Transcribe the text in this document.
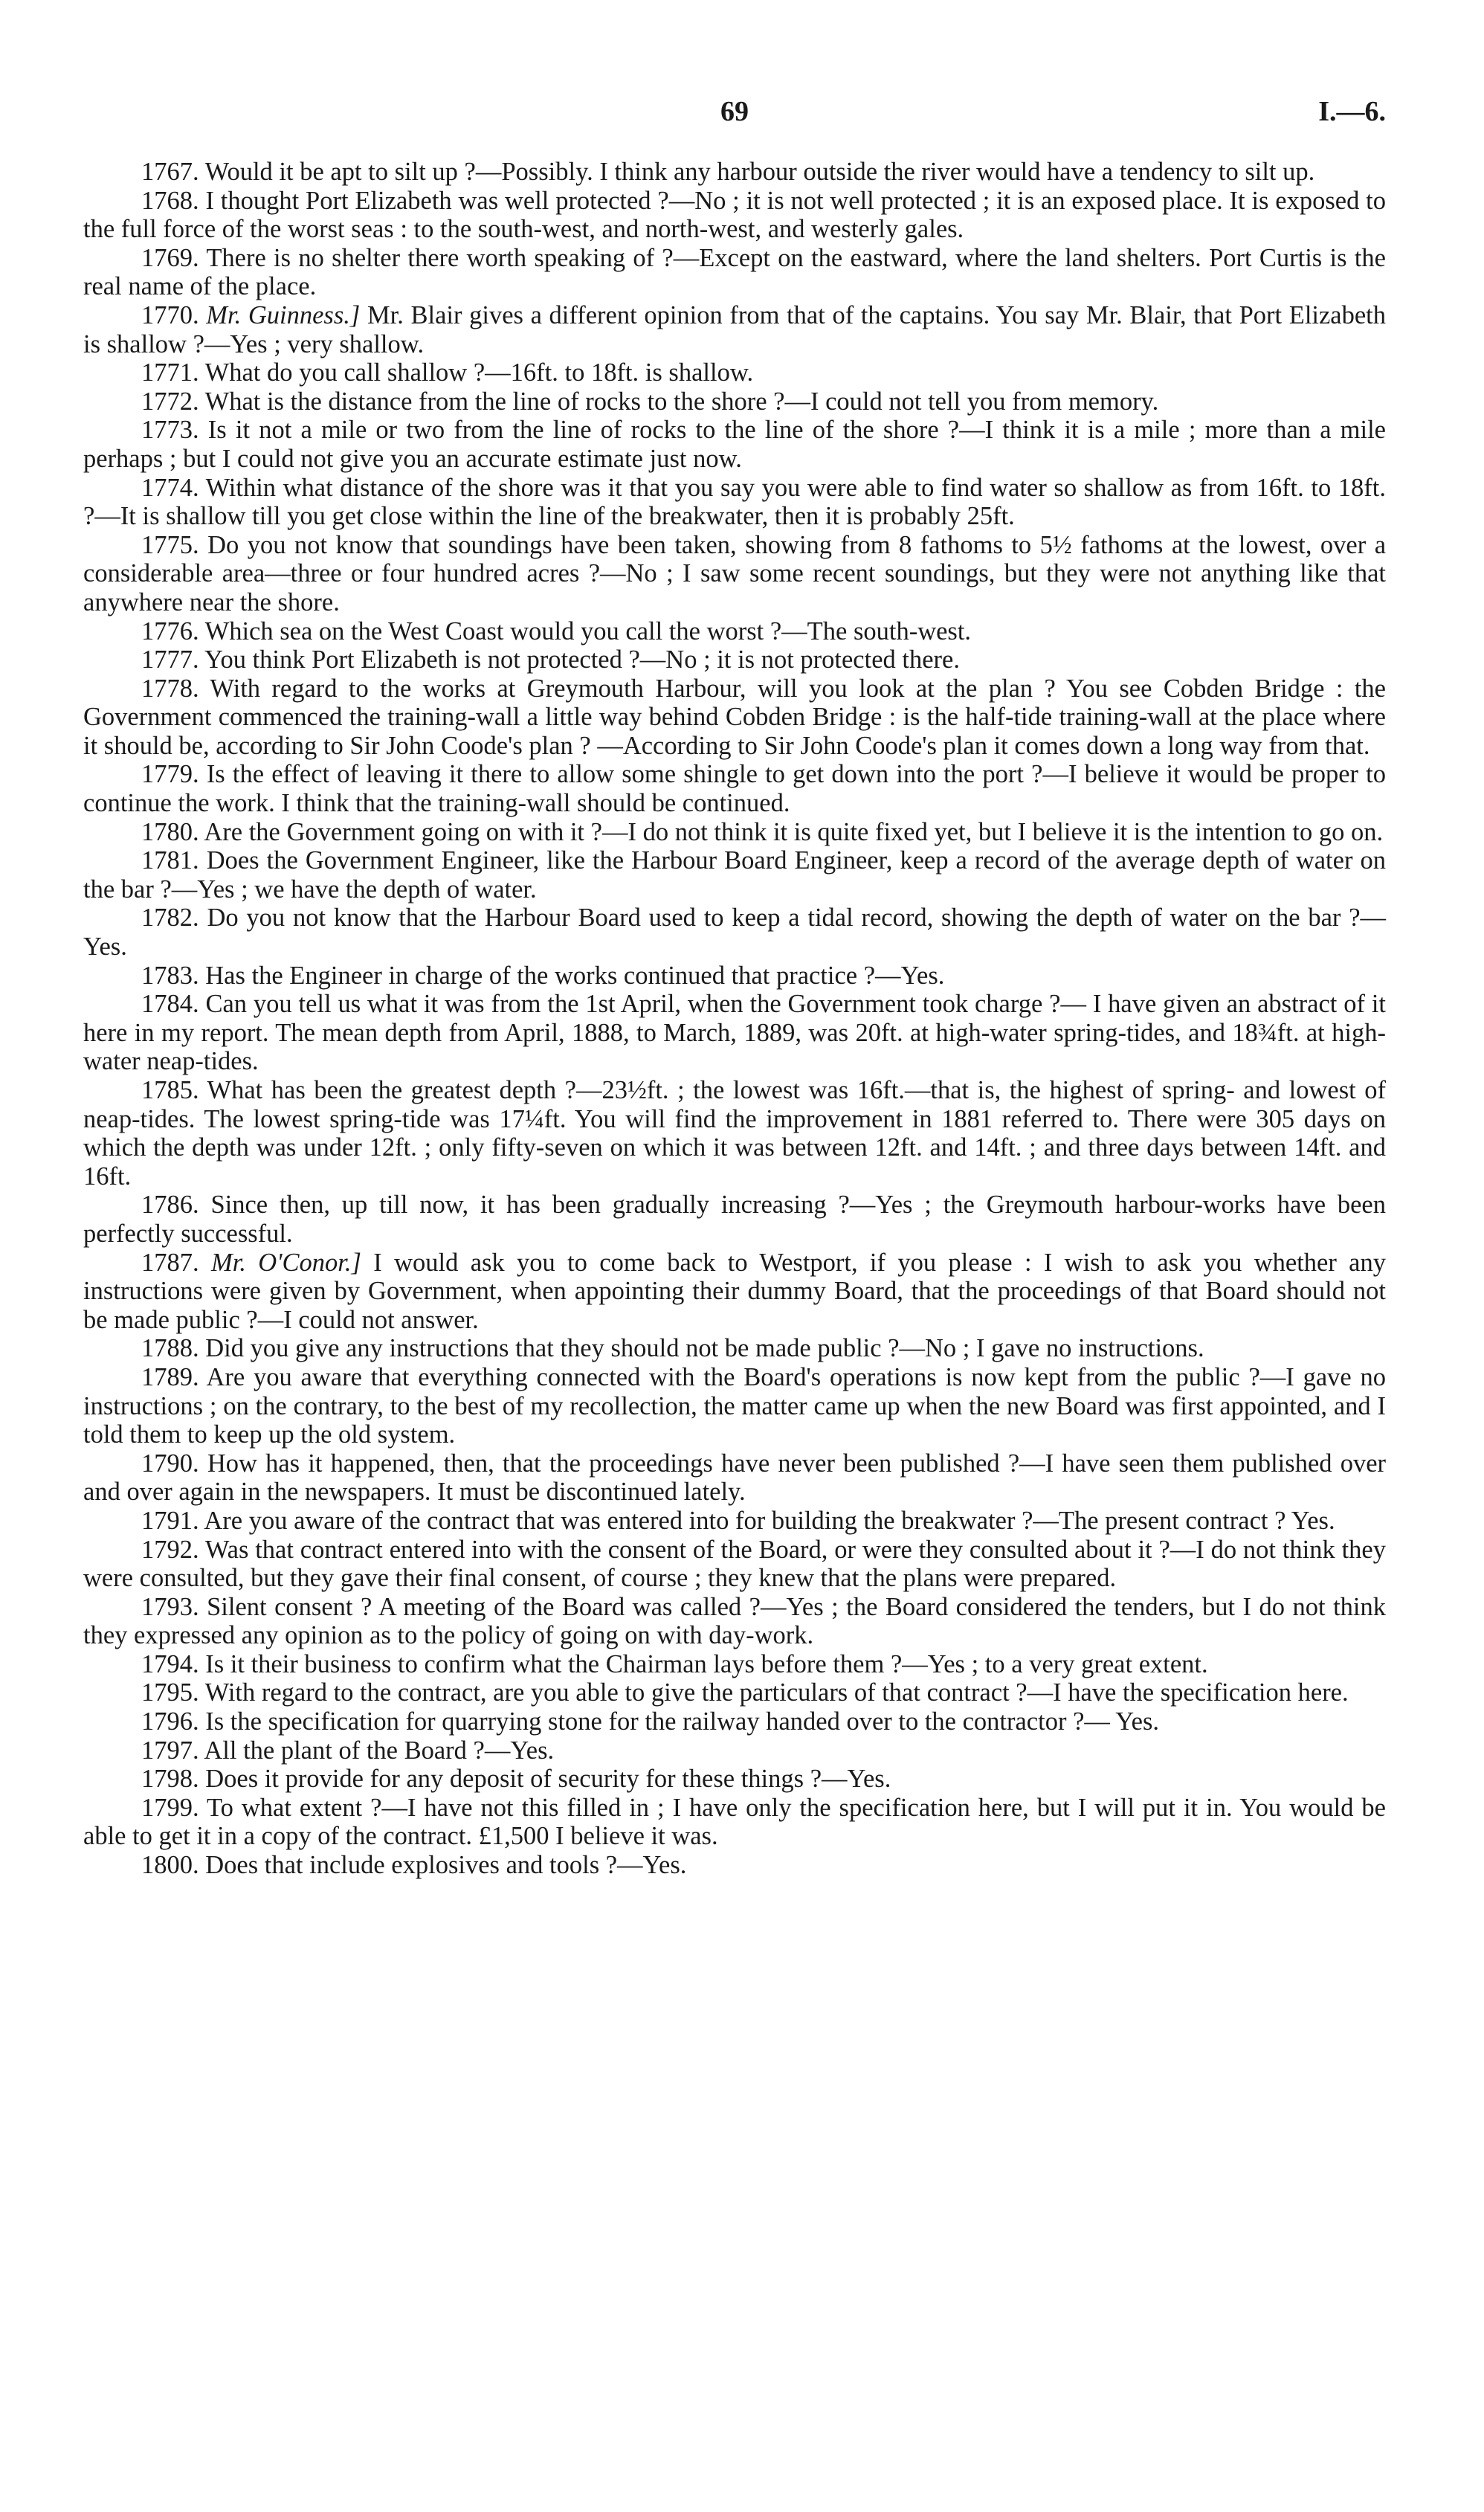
69	I.—6.

1767. Would it be apt to silt up ?—Possibly. I think any harbour outside the river would have a tendency to silt up.

1768. I thought Port Elizabeth was well protected ?—No ; it is not well protected ; it is an exposed place. It is exposed to the full force of the worst seas : to the south-west, and north-west, and westerly gales.

1769. There is no shelter there worth speaking of ?—Except on the eastward, where the land shelters. Port Curtis is the real name of the place.

1770. Mr. Guinness.] Mr. Blair gives a different opinion from that of the captains. You say Mr. Blair, that Port Elizabeth is shallow ?—Yes ; very shallow.

1771. What do you call shallow ?—16ft. to 18ft. is shallow.

1772. What is the distance from the line of rocks to the shore ?—I could not tell you from memory.

1773. Is it not a mile or two from the line of rocks to the line of the shore ?—I think it is a mile ; more than a mile perhaps ; but I could not give you an accurate estimate just now.

1774. Within what distance of the shore was it that you say you were able to find water so shallow as from 16ft. to 18ft. ?—It is shallow till you get close within the line of the breakwater, then it is probably 25ft.

1775. Do you not know that soundings have been taken, showing from 8 fathoms to 5½ fathoms at the lowest, over a considerable area—three or four hundred acres ?—No ; I saw some recent soundings, but they were not anything like that anywhere near the shore.

1776. Which sea on the West Coast would you call the worst ?—The south-west.

1777. You think Port Elizabeth is not protected ?—No ; it is not protected there.

1778. With regard to the works at Greymouth Harbour, will you look at the plan ? You see Cobden Bridge : the Government commenced the training-wall a little way behind Cobden Bridge : is the half-tide training-wall at the place where it should be, according to Sir John Coode's plan ? —According to Sir John Coode's plan it comes down a long way from that.

1779. Is the effect of leaving it there to allow some shingle to get down into the port ?—I believe it would be proper to continue the work. I think that the training-wall should be continued.

1780. Are the Government going on with it ?—I do not think it is quite fixed yet, but I believe it is the intention to go on.

1781. Does the Government Engineer, like the Harbour Board Engineer, keep a record of the average depth of water on the bar ?—Yes ; we have the depth of water.

1782. Do you not know that the Harbour Board used to keep a tidal record, showing the depth of water on the bar ?—Yes.

1783. Has the Engineer in charge of the works continued that practice ?—Yes.

1784. Can you tell us what it was from the 1st April, when the Government took charge ?— I have given an abstract of it here in my report. The mean depth from April, 1888, to March, 1889, was 20ft. at high-water spring-tides, and 18¾ft. at high-water neap-tides.

1785. What has been the greatest depth ?—23½ft. ; the lowest was 16ft.—that is, the highest of spring- and lowest of neap-tides. The lowest spring-tide was 17¼ft. You will find the improvement in 1881 referred to. There were 305 days on which the depth was under 12ft. ; only fifty-seven on which it was between 12ft. and 14ft. ; and three days between 14ft. and 16ft.

1786. Since then, up till now, it has been gradually increasing ?—Yes ; the Greymouth harbour-works have been perfectly successful.

1787. Mr. O'Conor.] I would ask you to come back to Westport, if you please : I wish to ask you whether any instructions were given by Government, when appointing their dummy Board, that the proceedings of that Board should not be made public ?—I could not answer.

1788. Did you give any instructions that they should not be made public ?—No ; I gave no instructions.

1789. Are you aware that everything connected with the Board's operations is now kept from the public ?—I gave no instructions ; on the contrary, to the best of my recollection, the matter came up when the new Board was first appointed, and I told them to keep up the old system.

1790. How has it happened, then, that the proceedings have never been published ?—I have seen them published over and over again in the newspapers. It must be discontinued lately.

1791. Are you aware of the contract that was entered into for building the breakwater ?—The present contract ? Yes.

1792. Was that contract entered into with the consent of the Board, or were they consulted about it ?—I do not think they were consulted, but they gave their final consent, of course ; they knew that the plans were prepared.

1793. Silent consent ? A meeting of the Board was called ?—Yes ; the Board considered the tenders, but I do not think they expressed any opinion as to the policy of going on with day-work.

1794. Is it their business to confirm what the Chairman lays before them ?—Yes ; to a very great extent.

1795. With regard to the contract, are you able to give the particulars of that contract ?—I have the specification here.

1796. Is the specification for quarrying stone for the railway handed over to the contractor ?— Yes.

1797. All the plant of the Board ?—Yes.

1798. Does it provide for any deposit of security for these things ?—Yes.

1799. To what extent ?—I have not this filled in ; I have only the specification here, but I will put it in. You would be able to get it in a copy of the contract. £1,500 I believe it was.

1800. Does that include explosives and tools ?—Yes.
